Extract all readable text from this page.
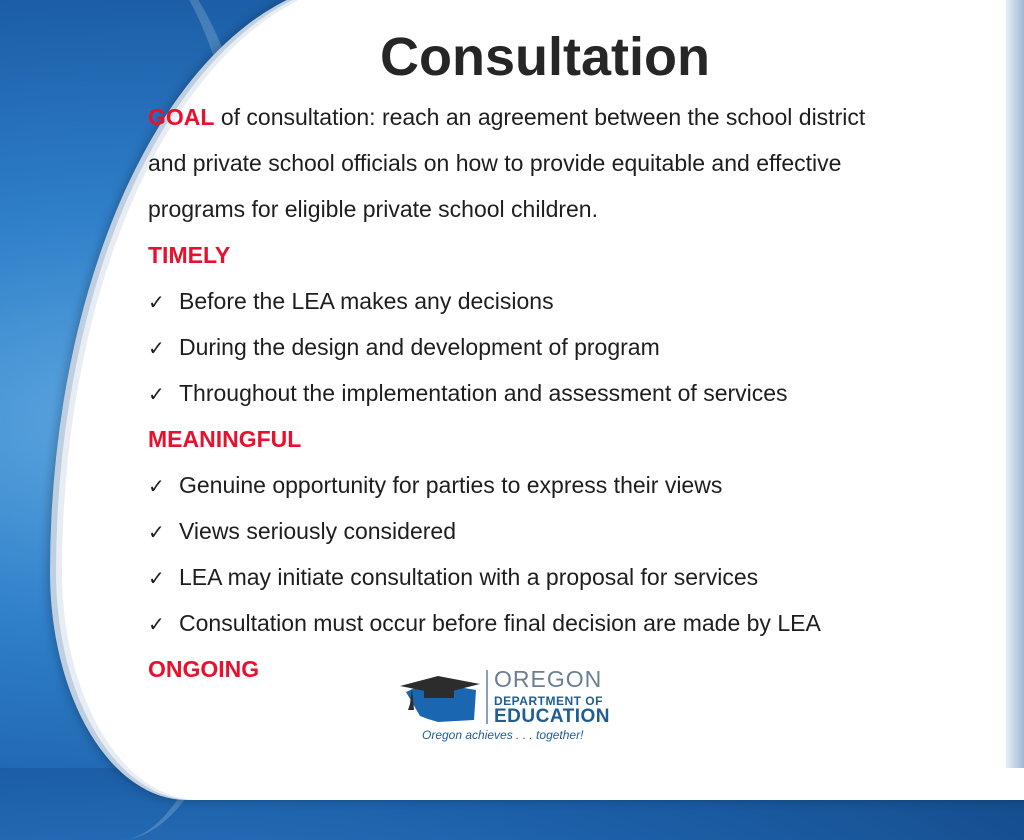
Consultation
GOAL of consultation: reach an agreement between the school district
and private school officials on how to provide equitable and effective
programs for eligible private school children.
TIMELY
✓ Before the LEA makes any decisions
✓ During the design and development of program
✓ Throughout the implementation and assessment of services
MEANINGFUL
✓ Genuine opportunity for parties to express their views
✓ Views seriously considered
✓ LEA may initiate consultation with a proposal for services
✓ Consultation must occur before final decision are made by LEA
ONGOING	OREGON
DEPARTMENT OF
EDUCATION
Oregon achieves . . . together!
